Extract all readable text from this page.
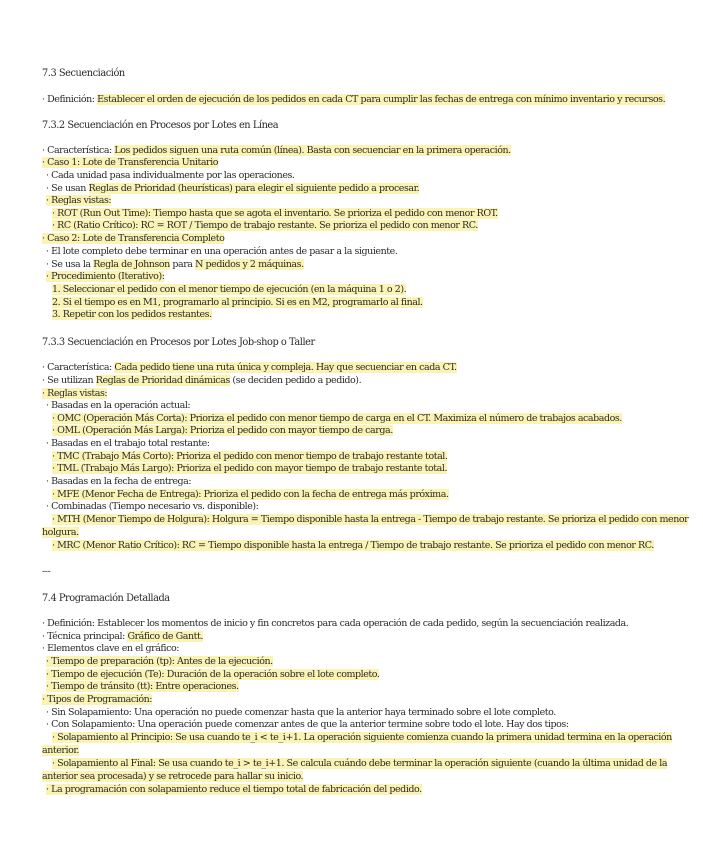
7.3 Secuenciación
· Definición: Establecer el orden de ejecución de los pedidos en cada CT para cumplir las fechas de entrega con mínimo inventario y recursos.
7.3.2 Secuenciación en Procesos por Lotes en Línea
· Característica: Los pedidos siguen una ruta común (línea). Basta con secuenciar en la primera operación.
· Caso 1: Lote de Transferencia Unitario
· Cada unidad pasa individualmente por las operaciones.
· Se usan Reglas de Prioridad (heurísticas) para elegir el siguiente pedido a procesar.
· Reglas vistas:
· ROT (Run Out Time): Tiempo hasta que se agota el inventario. Se prioriza el pedido con menor ROT.
· RC (Ratio Crítico): RC = ROT / Tiempo de trabajo restante. Se prioriza el pedido con menor RC.
· Caso 2: Lote de Transferencia Completo
· El lote completo debe terminar en una operación antes de pasar a la siguiente.
· Se usa la Regla de Johnson para N pedidos y 2 máquinas.
· Procedimiento (Iterativo):
1. Seleccionar el pedido con el menor tiempo de ejecución (en la máquina 1 o 2).
2. Si el tiempo es en M1, programarlo al principio. Si es en M2, programarlo al final.
3. Repetir con los pedidos restantes.
7.3.3 Secuenciación en Procesos por Lotes Job-shop o Taller
· Característica: Cada pedido tiene una ruta única y compleja. Hay que secuenciar en cada CT.
· Se utilizan Reglas de Prioridad dinámicas (se deciden pedido a pedido).
· Reglas vistas:
· Basadas en la operación actual:
· OMC (Operación Más Corta): Prioriza el pedido con menor tiempo de carga en el CT. Maximiza el número de trabajos acabados.
· OML (Operación Más Larga): Prioriza el pedido con mayor tiempo de carga.
· Basadas en el trabajo total restante:
· TMC (Trabajo Más Corto): Prioriza el pedido con menor tiempo de trabajo restante total.
· TML (Trabajo Más Largo): Prioriza el pedido con mayor tiempo de trabajo restante total.
· Basadas en la fecha de entrega:
· MFE (Menor Fecha de Entrega): Prioriza el pedido con la fecha de entrega más próxima.
· Combinadas (Tiempo necesario vs. disponible):
· MTH (Menor Tiempo de Holgura): Holgura = Tiempo disponible hasta la entrega - Tiempo de trabajo restante. Se prioriza el pedido con menor
holgura.
· MRC (Menor Ratio Crítico): RC = Tiempo disponible hasta la entrega / Tiempo de trabajo restante. Se prioriza el pedido con menor RC.
---
7.4 Programación Detallada
· Definición: Establecer los momentos de inicio y fin concretos para cada operación de cada pedido, según la secuenciación realizada.
· Técnica principal: Gráfico de Gantt.
· Elementos clave en el gráfico:
· Tiempo de preparación (tp): Antes de la ejecución.
· Tiempo de ejecución (Te): Duración de la operación sobre el lote completo.
· Tiempo de tránsito (tt): Entre operaciones.
· Tipos de Programación:
· Sin Solapamiento: Una operación no puede comenzar hasta que la anterior haya terminado sobre el lote completo.
· Con Solapamiento: Una operación puede comenzar antes de que la anterior termine sobre todo el lote. Hay dos tipos:
· Solapamiento al Principio: Se usa cuando te_i < te_i+1. La operación siguiente comienza cuando la primera unidad termina en la operación
anterior.
· Solapamiento al Final: Se usa cuando te_i > te_i+1. Se calcula cuándo debe terminar la operación siguiente (cuando la última unidad de la
anterior sea procesada) y se retrocede para hallar su inicio.
· La programación con solapamiento reduce el tiempo total de fabricación del pedido.
